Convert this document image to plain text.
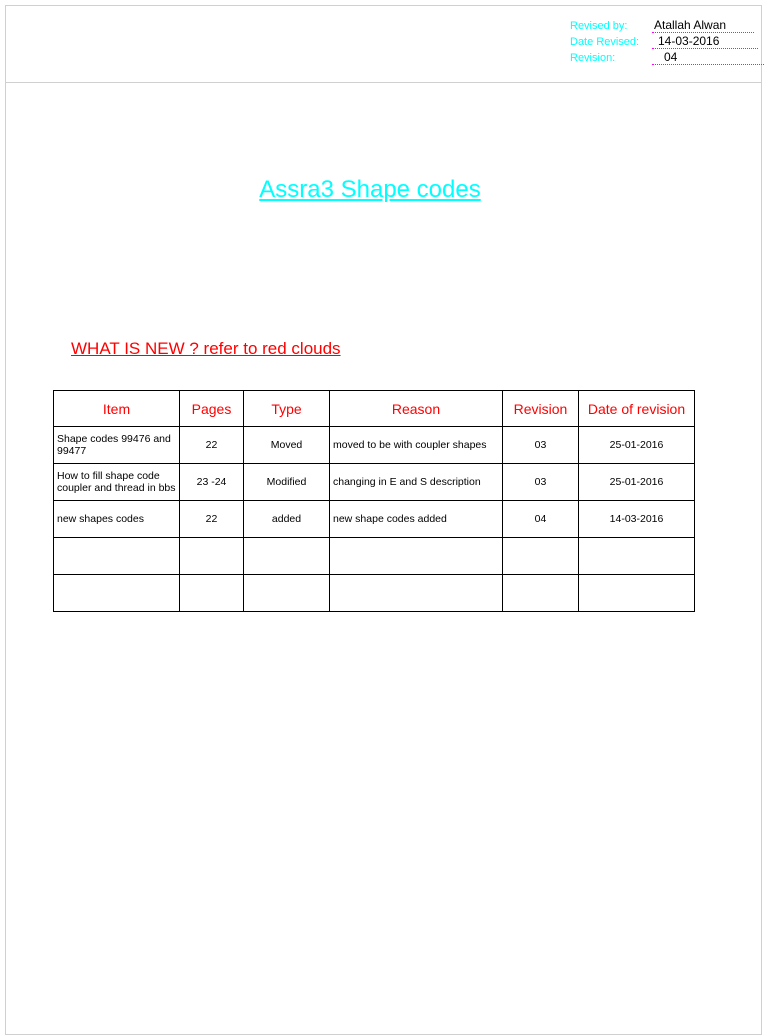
Revised by: Atallah Alwan
Date Revised:	14-03-2016
Revision:	04
Assra3 Shape codes
WHAT IS NEW ? refer to red clouds
Item	Pages	Type	Reason	Revision	Date of revision
Shape codes 99476 and 99477	22	Moved	moved to be with coupler shapes	03	25-01-2016
How to fill shape code coupler and thread in bbs	23 -24	Modified	changing in E and S description	03	25-01-2016
new shapes codes	22	added	new shape codes added	04	14-03-2016
